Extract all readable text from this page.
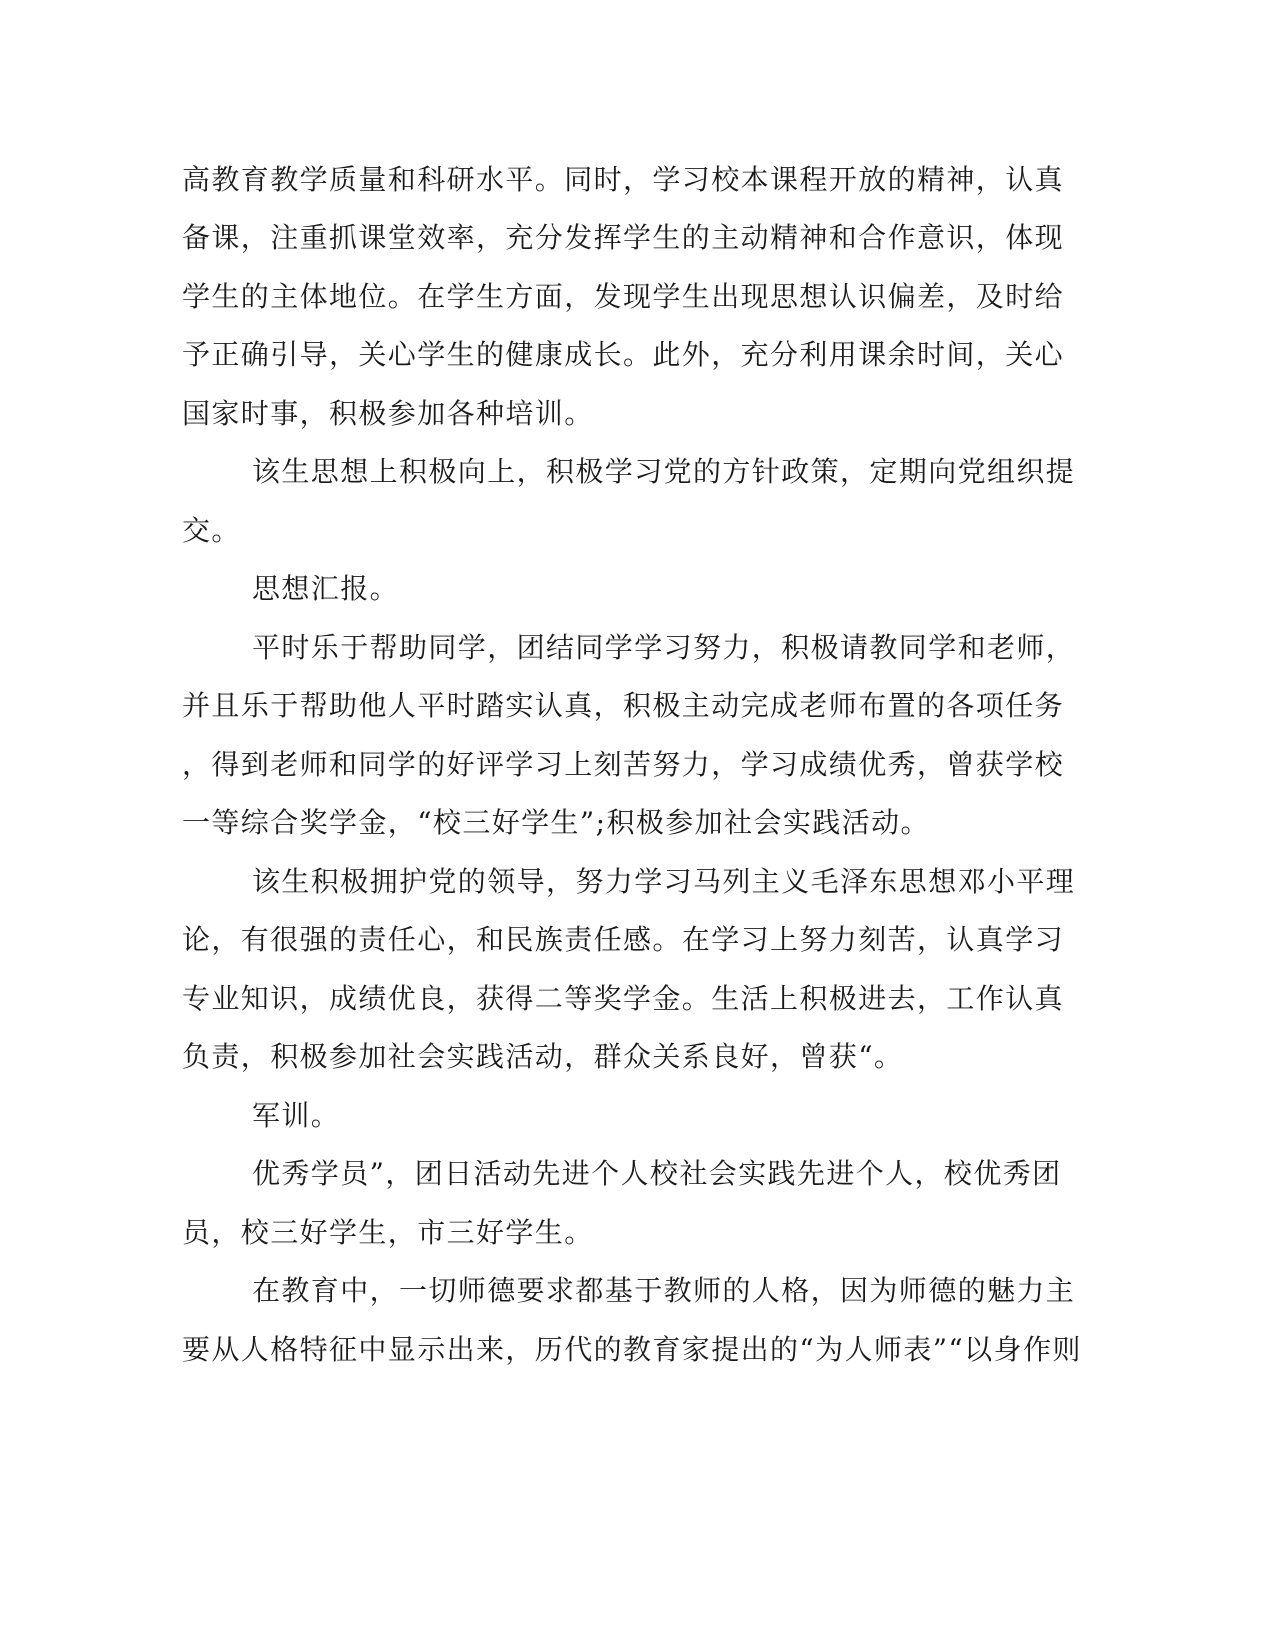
高教育教学质量和科研水平。同时，学习校本课程开放的精神，认真
备课，注重抓课堂效率，充分发挥学生的主动精神和合作意识，体现
学生的主体地位。在学生方面，发现学生出现思想认识偏差，及时给
予正确引导，关心学生的健康成长。此外，充分利用课余时间，关心
国家时事，积极参加各种培训。
该生思想上积极向上，积极学习党的方针政策，定期向党组织提
交。
思想汇报。
平时乐于帮助同学，团结同学学习努力，积极请教同学和老师，
并且乐于帮助他人平时踏实认真，积极主动完成老师布置的各项任务
，得到老师和同学的好评学习上刻苦努力，学习成绩优秀，曾获学校
一等综合奖学金，“校三好学生”;积极参加社会实践活动。
该生积极拥护党的领导，努力学习马列主义毛泽东思想邓小平理
论，有很强的责任心，和民族责任感。在学习上努力刻苦，认真学习
专业知识，成绩优良，获得二等奖学金。生活上积极进去，工作认真
负责，积极参加社会实践活动，群众关系良好，曾获“。
军训。
优秀学员”，团日活动先进个人校社会实践先进个人，校优秀团
员，校三好学生，市三好学生。
在教育中，一切师德要求都基于教师的人格，因为师德的魅力主
要从人格特征中显示出来，历代的教育家提出的“为人师表”“以身作则
